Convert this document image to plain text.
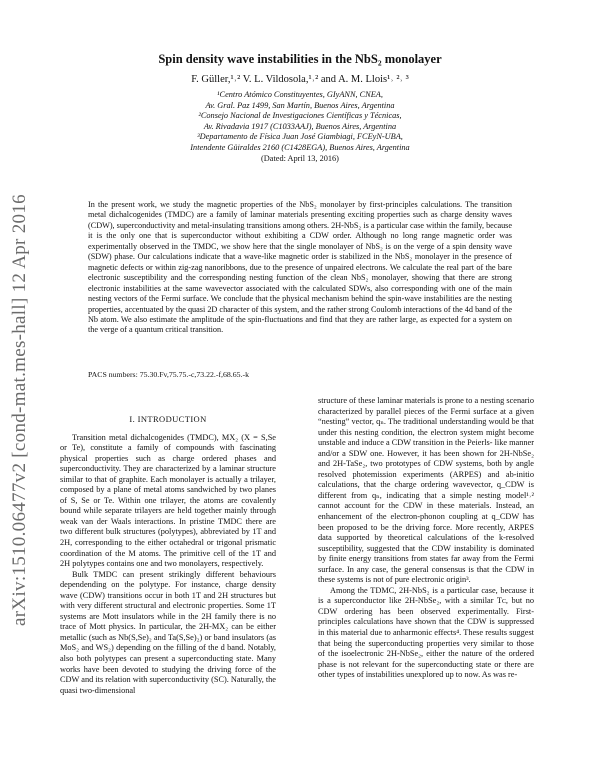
arXiv:1510.06477v2 [cond-mat.mes-hall] 12 Apr 2016
Spin density wave instabilities in the NbS₂ monolayer
F. Güller,¹˒² V. L. Vildosola,¹˒² and A. M. Llois¹˒ ²˒ ³
¹Centro Atómico Constituyentes, GIyANN, CNEA,
Av. Gral. Paz 1499, San Martín, Buenos Aires, Argentina
²Consejo Nacional de Investigaciones Científicas y Técnicas,
Av. Rivadavia 1917 (C1033AAJ), Buenos Aires, Argentina
³Departamento de Física Juan José Giambiagi, FCEyN-UBA,
Intendente Güiraldes 2160 (C1428EGA), Buenos Aires, Argentina
(Dated: April 13, 2016)
In the present work, we study the magnetic properties of the NbS₂ monolayer by first-principles calculations. The transition metal dichalcogenides (TMDC) are a family of laminar materials presenting exciting properties such as charge density waves (CDW), superconductivity and metal-insulating transitions among others. 2H-NbS₂ is a particular case within the family, because it is the only one that is superconductor without exhibiting a CDW order. Although no long range magnetic order was experimentally observed in the TMDC, we show here that the single monolayer of NbS₂ is on the verge of a spin density wave (SDW) phase. Our calculations indicate that a wave-like magnetic order is stabilized in the NbS₂ monolayer in the presence of magnetic defects or within zig-zag nanoribbons, due to the presence of unpaired electrons. We calculate the real part of the bare electronic susceptibility and the corresponding nesting function of the clean NbS₂ monolayer, showing that there are strong electronic instabilities at the same wavevector associated with the calculated SDWs, also corresponding with one of the main nesting vectors of the Fermi surface. We conclude that the physical mechanism behind the spin-wave instabilities are the nesting properties, accentuated by the quasi 2D character of this system, and the rather strong Coulomb interactions of the 4d band of the Nb atom. We also estimate the amplitude of the spin-fluctuations and find that they are rather large, as expected for a system on the verge of a quantum critical transition.
PACS numbers: 75.30.Fv,75.75.-c,73.22.-f,68.65.-k
I. INTRODUCTION

Transition metal dichalcogenides (TMDC), MX₂ (X = S,Se or Te), constitute a family of compounds with fascinating physical properties such as charge ordered phases and superconductivity. They are characterized by a laminar structure similar to that of graphite. Each monolayer is actually a trilayer, composed by a plane of metal atoms sandwiched by two planes of S, Se or Te. Within one trilayer, the atoms are covalently bound while separate trilayers are held together mainly through weak van der Waals interactions. In pristine TMDC there are two different bulk structures (polytypes), abbreviated by 1T and 2H, corresponding to the either octahedral or trigonal prismatic coordination of the M atoms. The primitive cell of the 1T and 2H polytypes contains one and two monolayers, respectively.

Bulk TMDC can present strikingly different behaviours dependending on the polytype. For instance, charge density wave (CDW) transitions occur in both 1T and 2H structures but with very different structural and electronic properties. Some 1T systems are Mott insulators while in the 2H family there is no trace of Mott physics. In particular, the 2H-MX₂ can be either metallic (such as Nb(S,Se)₂ and Ta(S,Se)₂) or band insulators (as MoS₂ and WS₂) depending on the filling of the d band. Notably, also both polytypes can present a superconducting state. Many works have been devoted to studying the driving force of the CDW and its relation with superconductivity (SC). Naturally, the quasi two-dimensional

structure of these laminar materials is prone to a nesting scenario characterized by parallel pieces of the Fermi surface at a given “nesting” vector, qₙ. The traditional understanding would be that under this nesting condition, the electron system might become unstable and induce a CDW transition in the Peierls- like manner and/or a SDW one. However, it has been shown for 2H-NbSe₂ and 2H-TaSe₂, two prototypes of CDW systems, both by angle resolved photemission experiments (ARPES) and ab-initio calculations, that the charge ordering wavevector, q_CDW is different from qₙ, indicating that a simple nesting model¹˒² cannot account for the CDW in these materials. Instead, an enhancement of the electron-phonon coupling at q_CDW has been proposed to be the driving force. More recently, ARPES data supported by theoretical calculations of the k-resolved susceptibility, suggested that the CDW instability is dominated by finite energy transitions from states far away from the Fermi surface. In any case, the general consensus is that the CDW in these systems is not of pure electronic origin³.

Among the TDMC, 2H-NbS₂ is a particular case, because it is a superconductor like 2H-NbSe₂, with a similar Tᴄ, but no CDW ordering has been observed experimentally. First-principles calculations have shown that the CDW is suppressed in this material due to anharmonic effects⁴. These results suggest that being the superconducting properties very similar to those of the isoelectronic 2H-NbSe₂, either the nature of the ordered phase is not relevant for the superconducting state or there are other types of instabilities unexplored up to now. As was re-
